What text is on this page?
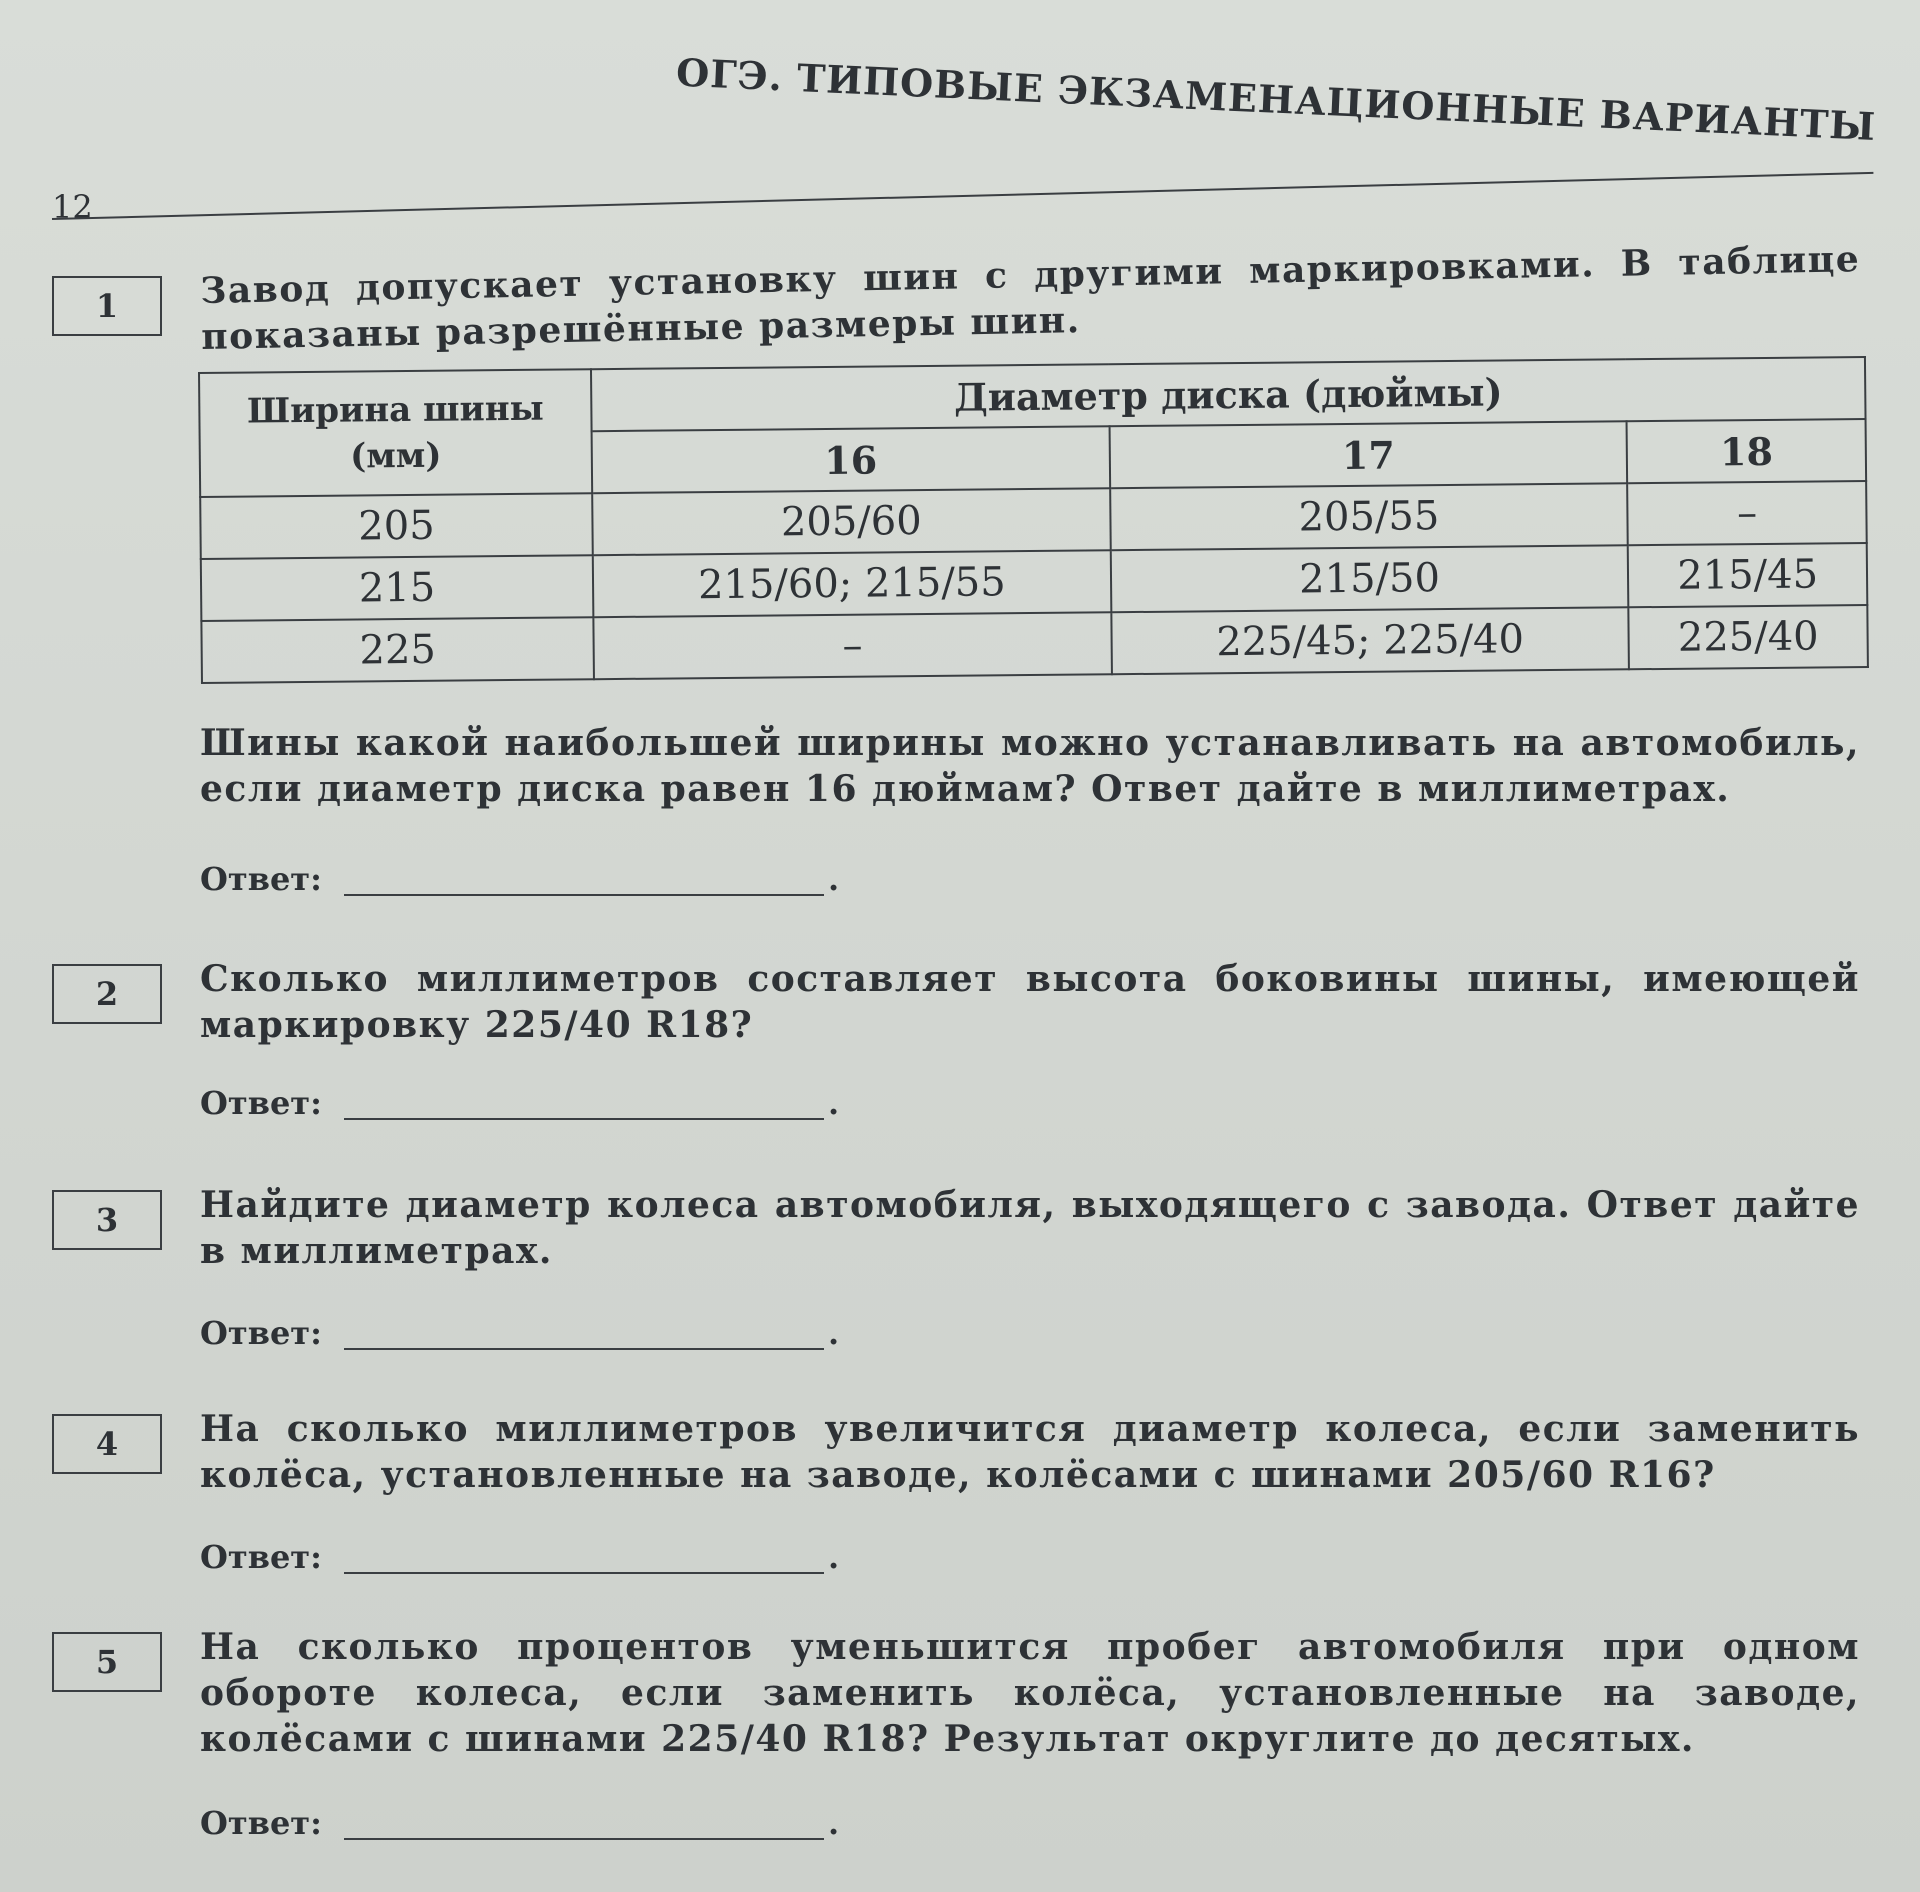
ОГЭ. ТИПОВЫЕ ЭКЗАМЕНАЦИОННЫЕ ВАРИАНТЫ
12
1	Завод допускает установку шин с другими маркировками. В таблице показаны разрешённые размеры шин.
Ширина шины
(мм)	Диаметр диска (дюймы)		
	16	17	18
205	205/60	205/55	–
215	215/60; 215/55	215/50	215/45
225	–	225/45; 225/40	225/40
Шины какой наибольшей ширины можно устанавливать на автомобиль, если диаметр диска равен 16 дюймам? Ответ дайте в миллиметрах.
Ответ:	.
2	Сколько миллиметров составляет высота боковины шины, имеющей маркировку 225/40 R18?
Ответ:	.
3	Найдите диаметр колеса автомобиля, выходящего с завода. Ответ дайте в миллиметрах.
Ответ:	.
4	На сколько миллиметров увеличится диаметр колеса, если заменить колёса, установленные на заводе, колёсами с шинами 205/60 R16?
Ответ:	.
5	На сколько процентов уменьшится пробег автомобиля при одном обороте колеса, если заменить колёса, установленные на заводе, колёсами с шинами 225/40 R18? Результат округлите до десятых.
Ответ:	.
